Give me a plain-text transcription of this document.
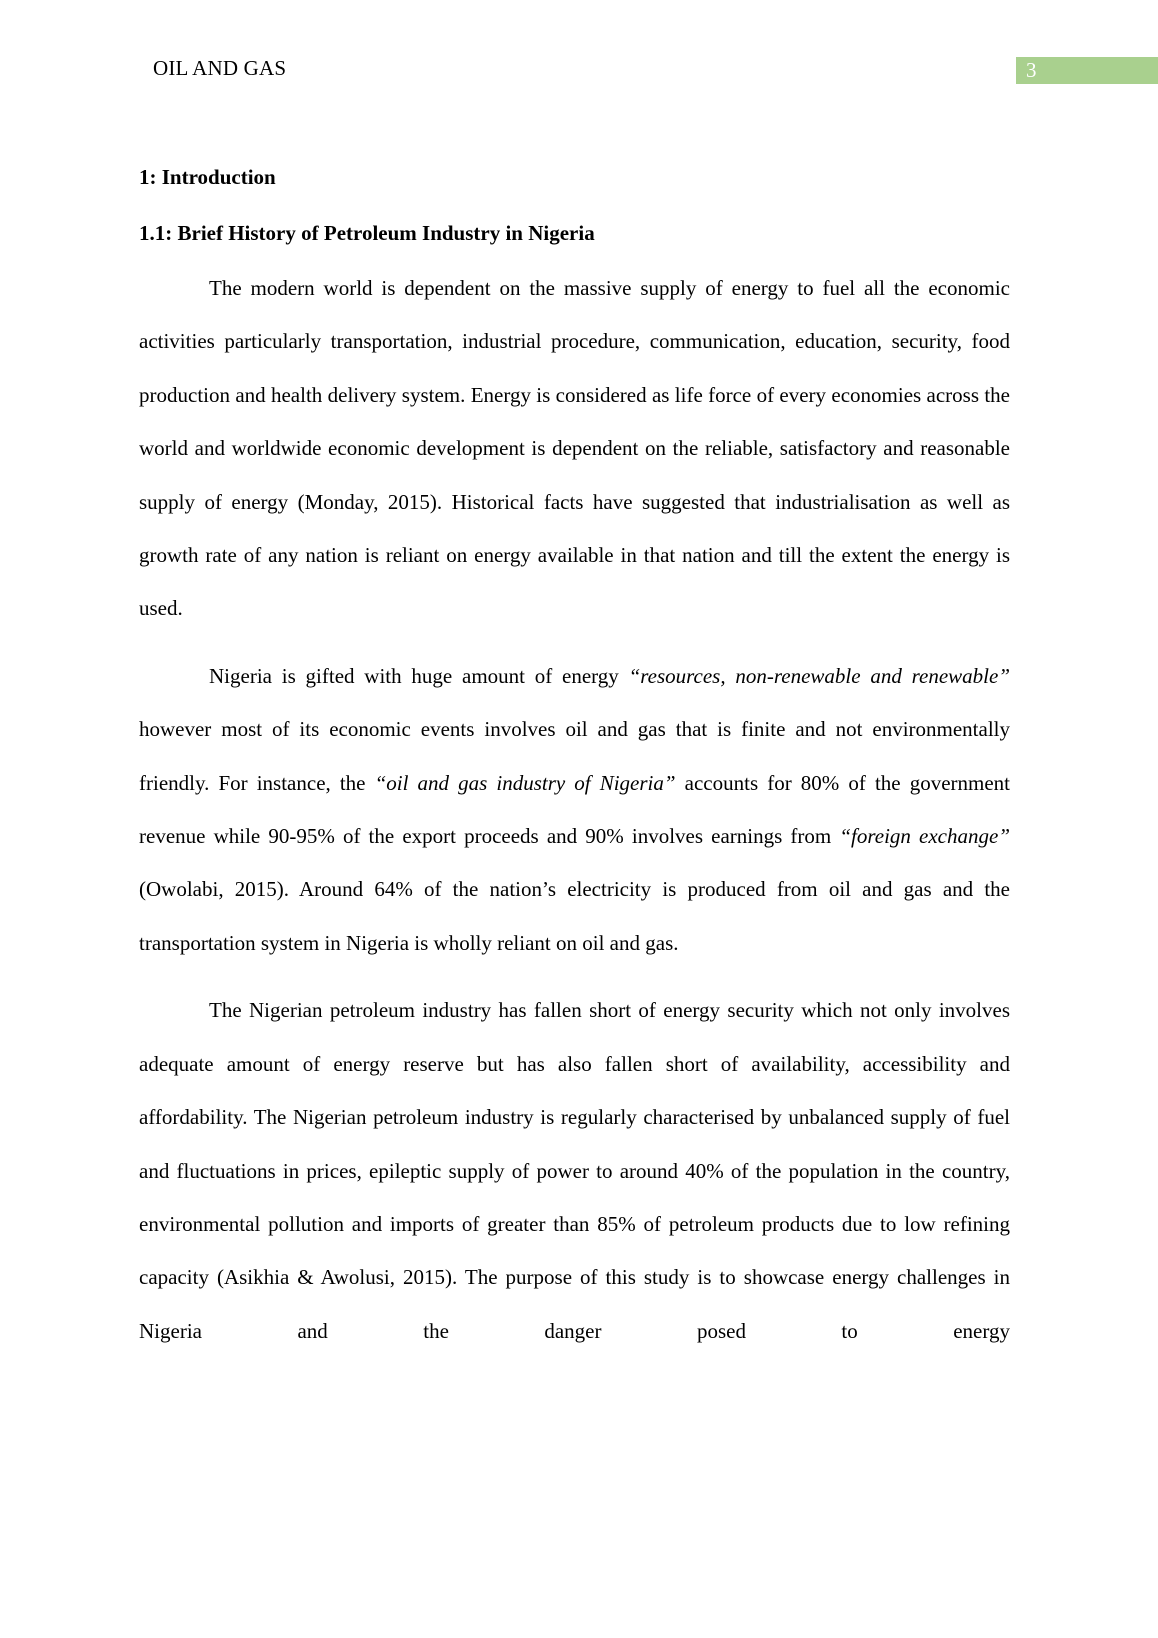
OIL AND GAS	3
1: Introduction
1.1: Brief History of Petroleum Industry in Nigeria

The modern world is dependent on the massive supply of energy to fuel all the economic activities particularly transportation, industrial procedure, communication, education, security, food production and health delivery system. Energy is considered as life force of every economies across the world and worldwide economic development is dependent on the reliable, satisfactory and reasonable supply of energy (Monday, 2015). Historical facts have suggested that industrialisation as well as growth rate of any nation is reliant on energy available in that nation and till the extent the energy is used.

Nigeria is gifted with huge amount of energy “resources, non-renewable and renewable” however most of its economic events involves oil and gas that is finite and not environmentally friendly. For instance, the “oil and gas industry of Nigeria” accounts for 80% of the government revenue while 90-95% of the export proceeds and 90% involves earnings from “foreign exchange” (Owolabi, 2015). Around 64% of the nation’s electricity is produced from oil and gas and the transportation system in Nigeria is wholly reliant on oil and gas.

The Nigerian petroleum industry has fallen short of energy security which not only involves adequate amount of energy reserve but has also fallen short of availability, accessibility and affordability. The Nigerian petroleum industry is regularly characterised by unbalanced supply of fuel and fluctuations in prices, epileptic supply of power to around 40% of the population in the country, environmental pollution and imports of greater than 85% of petroleum products due to low refining capacity (Asikhia & Awolusi, 2015). The purpose of this study is to showcase energy challenges in Nigeria and the danger posed to energy
